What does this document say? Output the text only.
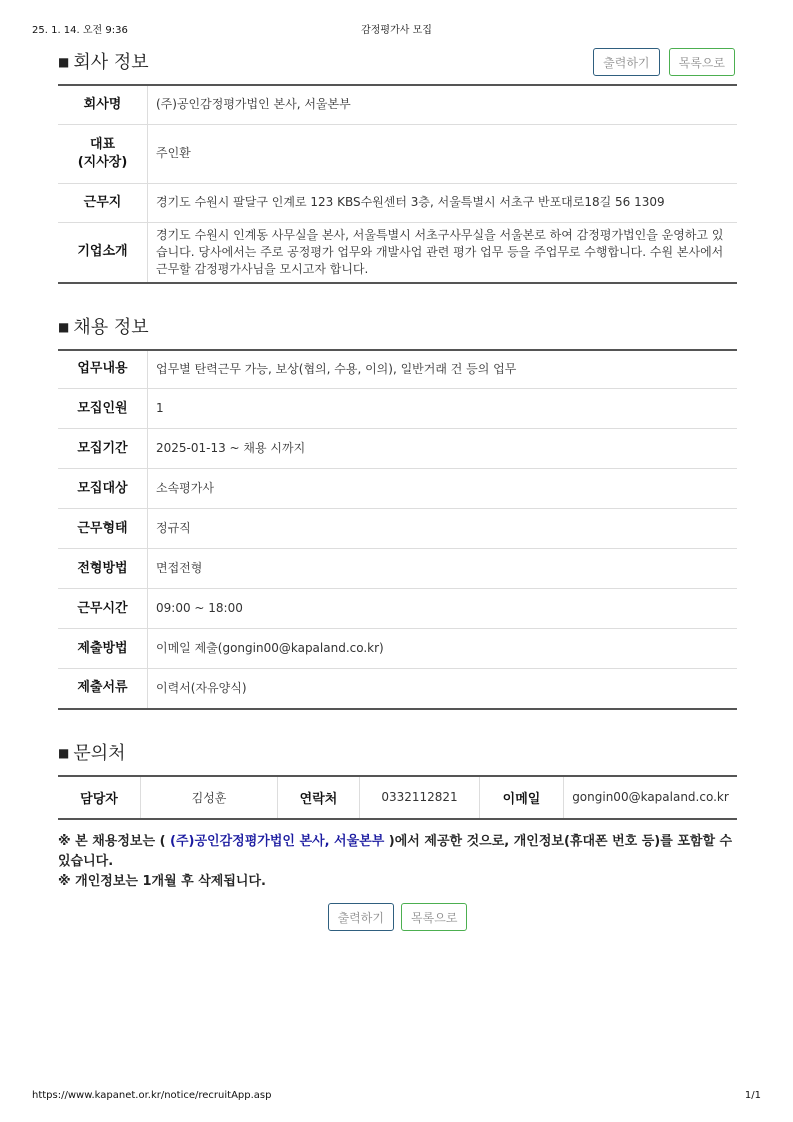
25. 1. 14. 오전 9:36	감정평가사 모집
■ 회사 정보	출력하기 목록으로
회사명	(주)공인감정평가법인 본사, 서울본부
대표
(지사장)	주인환
근무지	경기도 수원시 팔달구 인계로 123 KBS수원센터 3층, 서울특별시 서초구 반포대로18길 56 1309
기업소개	경기도 수원시 인계동 사무실을 본사, 서울특별시 서초구사무실을 서울본로 하여 감정평가법인을 운영하고 있습니다. 당사에서는 주로 공정평가 업무와 개발사업 관련 평가 업무 등을 주업무로 수행합니다. 수원 본사에서 근무할 감정평가사님을 모시고자 합니다.
■ 채용 정보
업무내용	업무별 탄력근무 가능, 보상(협의, 수용, 이의), 일반거래 건 등의 업무
모집인원	1
모집기간	2025-01-13 ~ 채용 시까지
모집대상	소속평가사
근무형태	정규직
전형방법	면접전형
근무시간	09:00 ~ 18:00
제출방법	이메일 제출(gongin00@kapaland.co.kr)
제출서류	이력서(자유양식)
■ 문의처
담당자	김성훈	연락처	0332112821	이메일	gongin00@kapaland.co.kr
※ 본 채용정보는 ( (주)공인감정평가법인 본사, 서울본부 )에서 제공한 것으로, 개인정보(휴대폰 번호 등)를 포함할 수 있습니다.
※ 개인정보는 1개월 후 삭제됩니다.
출력하기 목록으로
https://www.kapanet.or.kr/notice/recruitApp.asp	1/1
